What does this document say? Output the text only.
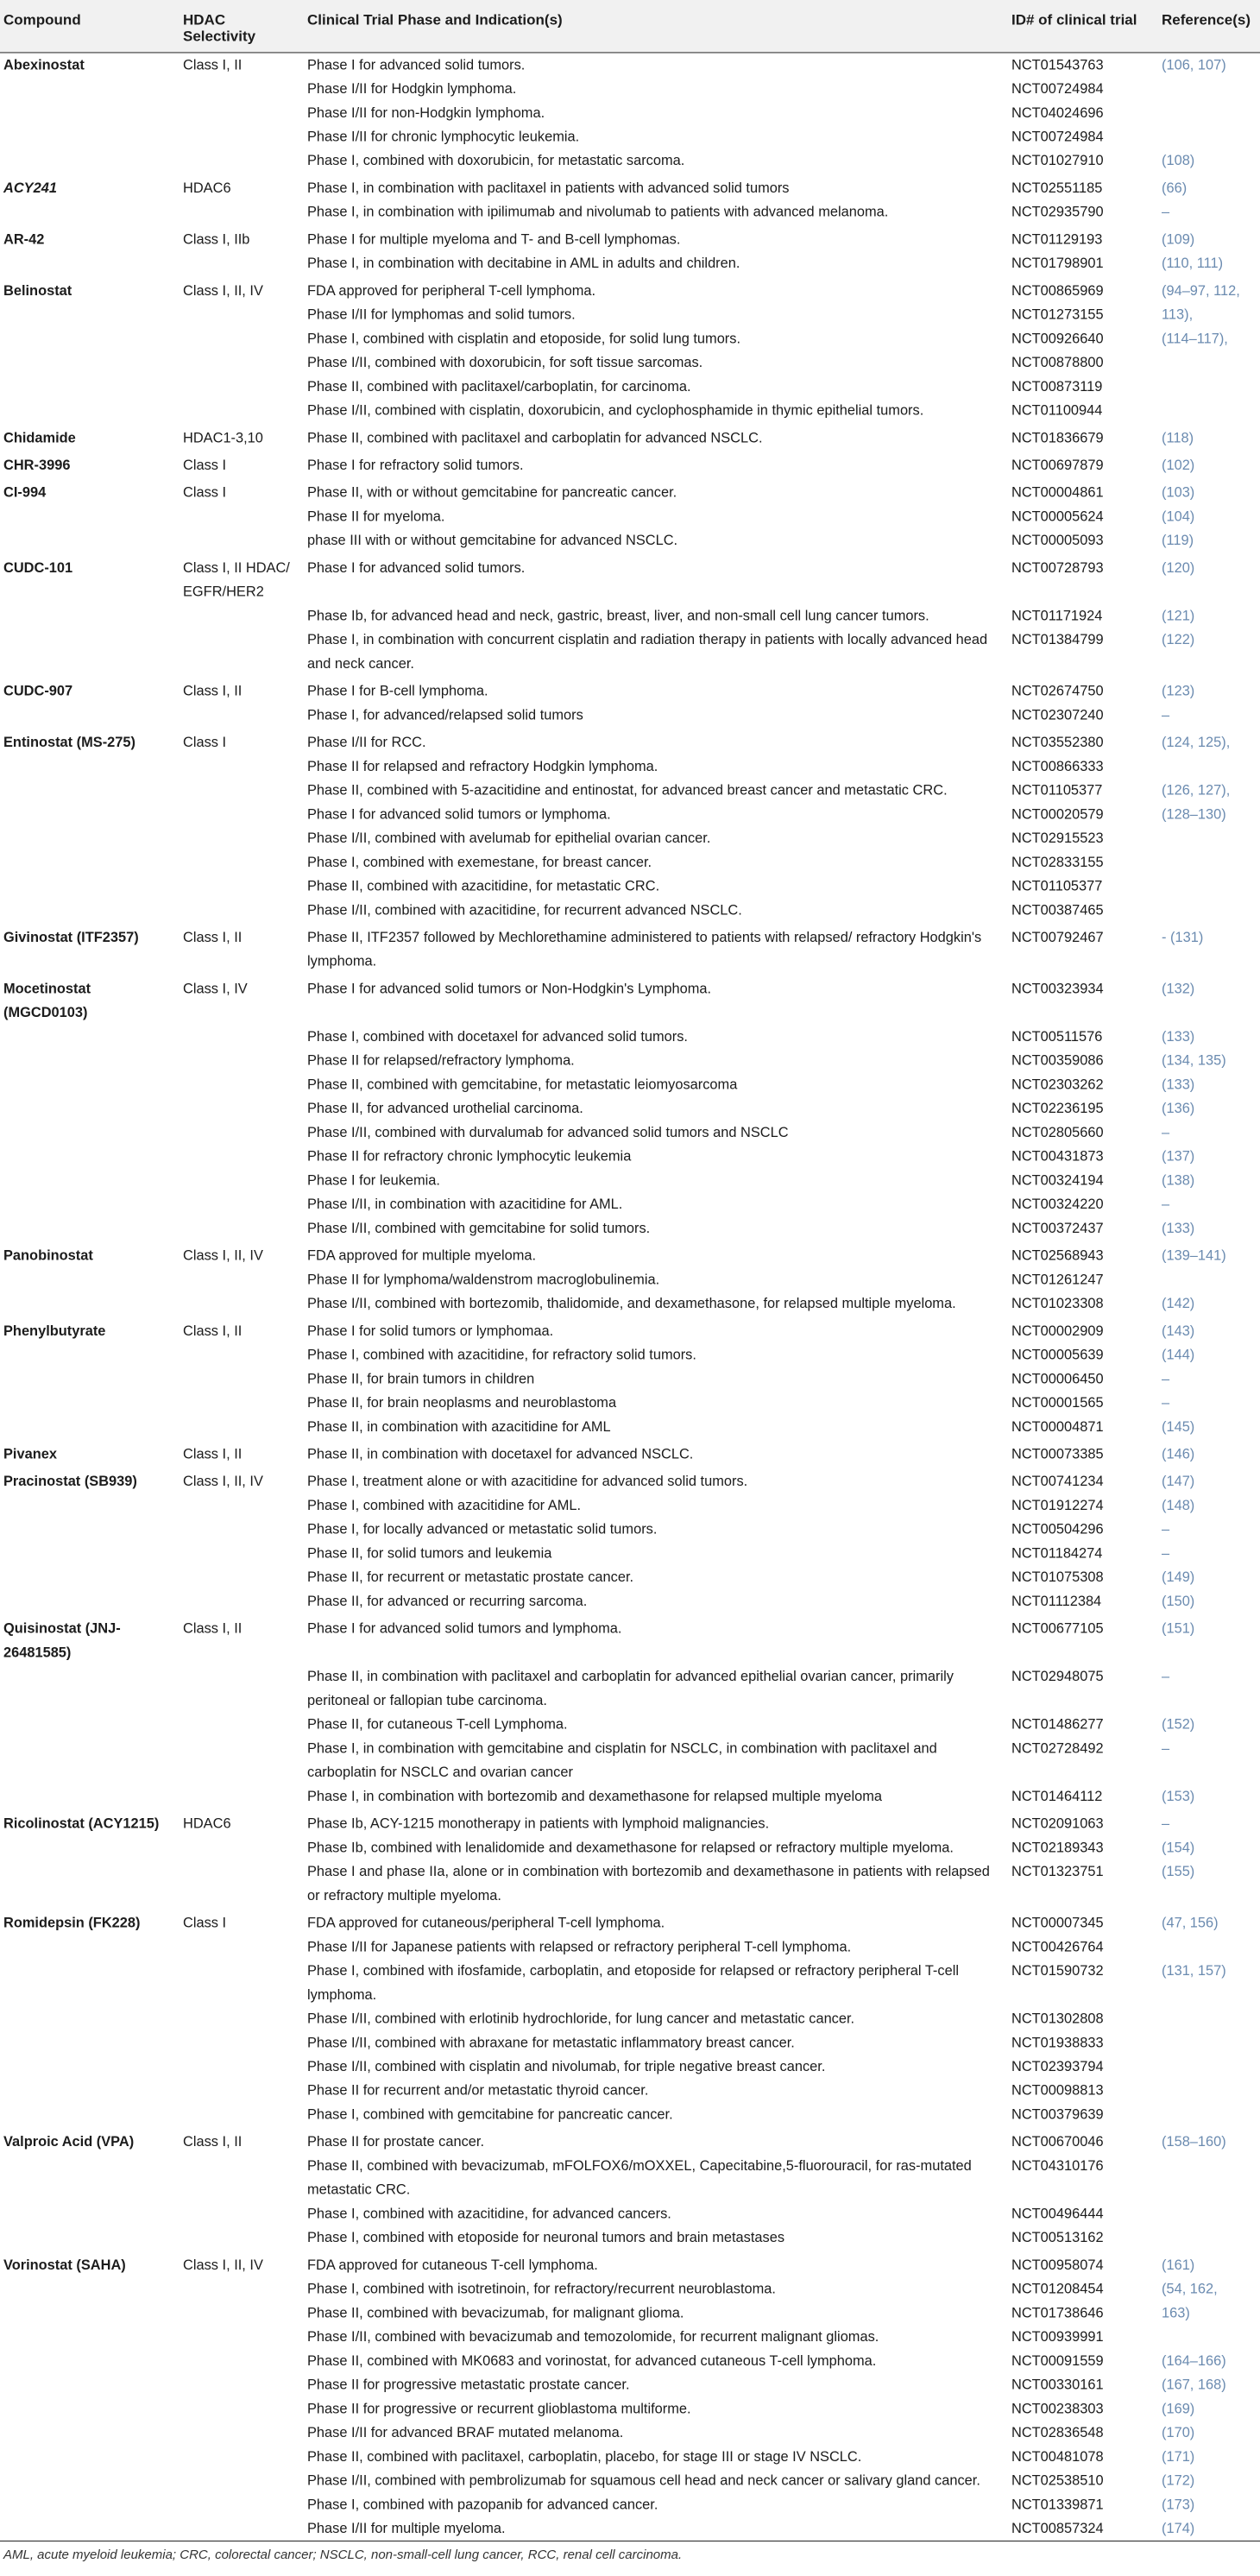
Compound	HDAC Selectivity	Clinical Trial Phase and Indication(s)	ID# of clinical trial	Reference(s)
Abexinostat	Class I, II	Phase I for advanced solid tumors.	NCT01543763	(106, 107)
		Phase I/II for Hodgkin lymphoma.	NCT00724984	
		Phase I/II for non-Hodgkin lymphoma.	NCT04024696	
		Phase I/II for chronic lymphocytic leukemia.	NCT00724984	
		Phase I, combined with doxorubicin, for metastatic sarcoma.	NCT01027910	(108)
ACY241	HDAC6	Phase I, in combination with paclitaxel in patients with advanced solid tumors	NCT02551185	(66)
		Phase I, in combination with ipilimumab and nivolumab to patients with advanced melanoma.	NCT02935790	–
AR-42	Class I, IIb	Phase I for multiple myeloma and T- and B-cell lymphomas.	NCT01129193	(109)
		Phase I, in combination with decitabine in AML in adults and children.	NCT01798901	(110, 111)
Belinostat	Class I, II, IV	FDA approved for peripheral T-cell lymphoma.	NCT00865969	(94–97, 112,
		Phase I/II for lymphomas and solid tumors.	NCT01273155	113),
		Phase I, combined with cisplatin and etoposide, for solid lung tumors.	NCT00926640	(114–117),
		Phase I/II, combined with doxorubicin, for soft tissue sarcomas.	NCT00878800	
		Phase II, combined with paclitaxel/carboplatin, for carcinoma.	NCT00873119	
		Phase I/II, combined with cisplatin, doxorubicin, and cyclophosphamide in thymic epithelial tumors.	NCT01100944	
Chidamide	HDAC1-3,10	Phase II, combined with paclitaxel and carboplatin for advanced NSCLC.	NCT01836679	(118)
CHR-3996	Class I	Phase I for refractory solid tumors.	NCT00697879	(102)
CI-994	Class I	Phase II, with or without gemcitabine for pancreatic cancer.	NCT00004861	(103)
		Phase II for myeloma.	NCT00005624	(104)
		phase III with or without gemcitabine for advanced NSCLC.	NCT00005093	(119)
CUDC-101	Class I, II HDAC/ EGFR/HER2	Phase I for advanced solid tumors.	NCT00728793	(120)
		Phase Ib, for advanced head and neck, gastric, breast, liver, and non-small cell lung cancer tumors.	NCT01171924	(121)
		Phase I, in combination with concurrent cisplatin and radiation therapy in patients with locally advanced head and neck cancer.	NCT01384799	(122)
CUDC-907	Class I, II	Phase I for B-cell lymphoma.	NCT02674750	(123)
		Phase I, for advanced/relapsed solid tumors	NCT02307240	–
Entinostat (MS-275)	Class I	Phase I/II for RCC.	NCT03552380	(124, 125),
		Phase II for relapsed and refractory Hodgkin lymphoma.	NCT00866333	
		Phase II, combined with 5-azacitidine and entinostat, for advanced breast cancer and metastatic CRC.	NCT01105377	(126, 127),
		Phase I for advanced solid tumors or lymphoma.	NCT00020579	(128–130)
		Phase I/II, combined with avelumab for epithelial ovarian cancer.	NCT02915523	
		Phase I, combined with exemestane, for breast cancer.	NCT02833155	
		Phase II, combined with azacitidine, for metastatic CRC.	NCT01105377	
		Phase I/II, combined with azacitidine, for recurrent advanced NSCLC.	NCT00387465	
Givinostat (ITF2357)	Class I, II	Phase II, ITF2357 followed by Mechlorethamine administered to patients with relapsed/ refractory Hodgkin's lymphoma.	NCT00792467	- (131)
Mocetinostat (MGCD0103)	Class I, IV	Phase I for advanced solid tumors or Non-Hodgkin's Lymphoma.	NCT00323934	(132)
		Phase I, combined with docetaxel for advanced solid tumors.	NCT00511576	(133)
		Phase II for relapsed/refractory lymphoma.	NCT00359086	(134, 135)
		Phase II, combined with gemcitabine, for metastatic leiomyosarcoma	NCT02303262	(133)
		Phase II, for advanced urothelial carcinoma.	NCT02236195	(136)
		Phase I/II, combined with durvalumab for advanced solid tumors and NSCLC	NCT02805660	–
		Phase II for refractory chronic lymphocytic leukemia	NCT00431873	(137)
		Phase I for leukemia.	NCT00324194	(138)
		Phase I/II, in combination with azacitidine for AML.	NCT00324220	–
		Phase I/II, combined with gemcitabine for solid tumors.	NCT00372437	(133)
Panobinostat	Class I, II, IV	FDA approved for multiple myeloma.	NCT02568943	(139–141)
		Phase II for lymphoma/waldenstrom macroglobulinemia.	NCT01261247	
		Phase I/II, combined with bortezomib, thalidomide, and dexamethasone, for relapsed multiple myeloma.	NCT01023308	(142)
Phenylbutyrate	Class I, II	Phase I for solid tumors or lymphomaa.	NCT00002909	(143)
		Phase I, combined with azacitidine, for refractory solid tumors.	NCT00005639	(144)
		Phase II, for brain tumors in children	NCT00006450	–
		Phase II, for brain neoplasms and neuroblastoma	NCT00001565	–
		Phase II, in combination with azacitidine for AML	NCT00004871	(145)
Pivanex	Class I, II	Phase II, in combination with docetaxel for advanced NSCLC.	NCT00073385	(146)
Pracinostat (SB939)	Class I, II, IV	Phase I, treatment alone or with azacitidine for advanced solid tumors.	NCT00741234	(147)
		Phase I, combined with azacitidine for AML.	NCT01912274	(148)
		Phase I, for locally advanced or metastatic solid tumors.	NCT00504296	–
		Phase II, for solid tumors and leukemia	NCT01184274	–
		Phase II, for recurrent or metastatic prostate cancer.	NCT01075308	(149)
		Phase II, for advanced or recurring sarcoma.	NCT01112384	(150)
Quisinostat (JNJ-26481585)	Class I, II	Phase I for advanced solid tumors and lymphoma.	NCT00677105	(151)
		Phase II, in combination with paclitaxel and carboplatin for advanced epithelial ovarian cancer, primarily peritoneal or fallopian tube carcinoma.	NCT02948075	–
		Phase II, for cutaneous T-cell Lymphoma.	NCT01486277	(152)
		Phase I, in combination with gemcitabine and cisplatin for NSCLC, in combination with paclitaxel and carboplatin for NSCLC and ovarian cancer	NCT02728492	–
		Phase I, in combination with bortezomib and dexamethasone for relapsed multiple myeloma	NCT01464112	(153)
Ricolinostat (ACY1215)	HDAC6	Phase Ib, ACY-1215 monotherapy in patients with lymphoid malignancies.	NCT02091063	–
		Phase Ib, combined with lenalidomide and dexamethasone for relapsed or refractory multiple myeloma.	NCT02189343	(154)
		Phase I and phase IIa, alone or in combination with bortezomib and dexamethasone in patients with relapsed or refractory multiple myeloma.	NCT01323751	(155)
Romidepsin (FK228)	Class I	FDA approved for cutaneous/peripheral T-cell lymphoma.	NCT00007345	(47, 156)
		Phase I/II for Japanese patients with relapsed or refractory peripheral T-cell lymphoma.	NCT00426764	
		Phase I, combined with ifosfamide, carboplatin, and etoposide for relapsed or refractory peripheral T-cell lymphoma.	NCT01590732	(131, 157)
		Phase I/II, combined with erlotinib hydrochloride, for lung cancer and metastatic cancer.	NCT01302808	
		Phase I/II, combined with abraxane for metastatic inflammatory breast cancer.	NCT01938833	
		Phase I/II, combined with cisplatin and nivolumab, for triple negative breast cancer.	NCT02393794	
		Phase II for recurrent and/or metastatic thyroid cancer.	NCT00098813	
		Phase I, combined with gemcitabine for pancreatic cancer.	NCT00379639	
Valproic Acid (VPA)	Class I, II	Phase II for prostate cancer.	NCT00670046	(158–160)
		Phase II, combined with bevacizumab, mFOLFOX6/mOXXEL, Capecitabine,5-fluorouracil, for ras-mutated metastatic CRC.	NCT04310176	
		Phase I, combined with azacitidine, for advanced cancers.	NCT00496444	
		Phase I, combined with etoposide for neuronal tumors and brain metastases	NCT00513162	
Vorinostat (SAHA)	Class I, II, IV	FDA approved for cutaneous T-cell lymphoma.	NCT00958074	(161)
		Phase I, combined with isotretinoin, for refractory/recurrent neuroblastoma.	NCT01208454	(54, 162,
		Phase II, combined with bevacizumab, for malignant glioma.	NCT01738646	163)
		Phase I/II, combined with bevacizumab and temozolomide, for recurrent malignant gliomas.	NCT00939991	
		Phase II, combined with MK0683 and vorinostat, for advanced cutaneous T-cell lymphoma.	NCT00091559	(164–166)
		Phase II for progressive metastatic prostate cancer.	NCT00330161	(167, 168)
		Phase II for progressive or recurrent glioblastoma multiforme.	NCT00238303	(169)
		Phase I/II for advanced BRAF mutated melanoma.	NCT02836548	(170)
		Phase II, combined with paclitaxel, carboplatin, placebo, for stage III or stage IV NSCLC.	NCT00481078	(171)
		Phase I/II, combined with pembrolizumab for squamous cell head and neck cancer or salivary gland cancer.	NCT02538510	(172)
		Phase I, combined with pazopanib for advanced cancer.	NCT01339871	(173)
		Phase I/II for multiple myeloma.	NCT00857324	(174)

AML, acute myeloid leukemia; CRC, colorectal cancer; NSCLC, non-small-cell lung cancer, RCC, renal cell carcinoma.
